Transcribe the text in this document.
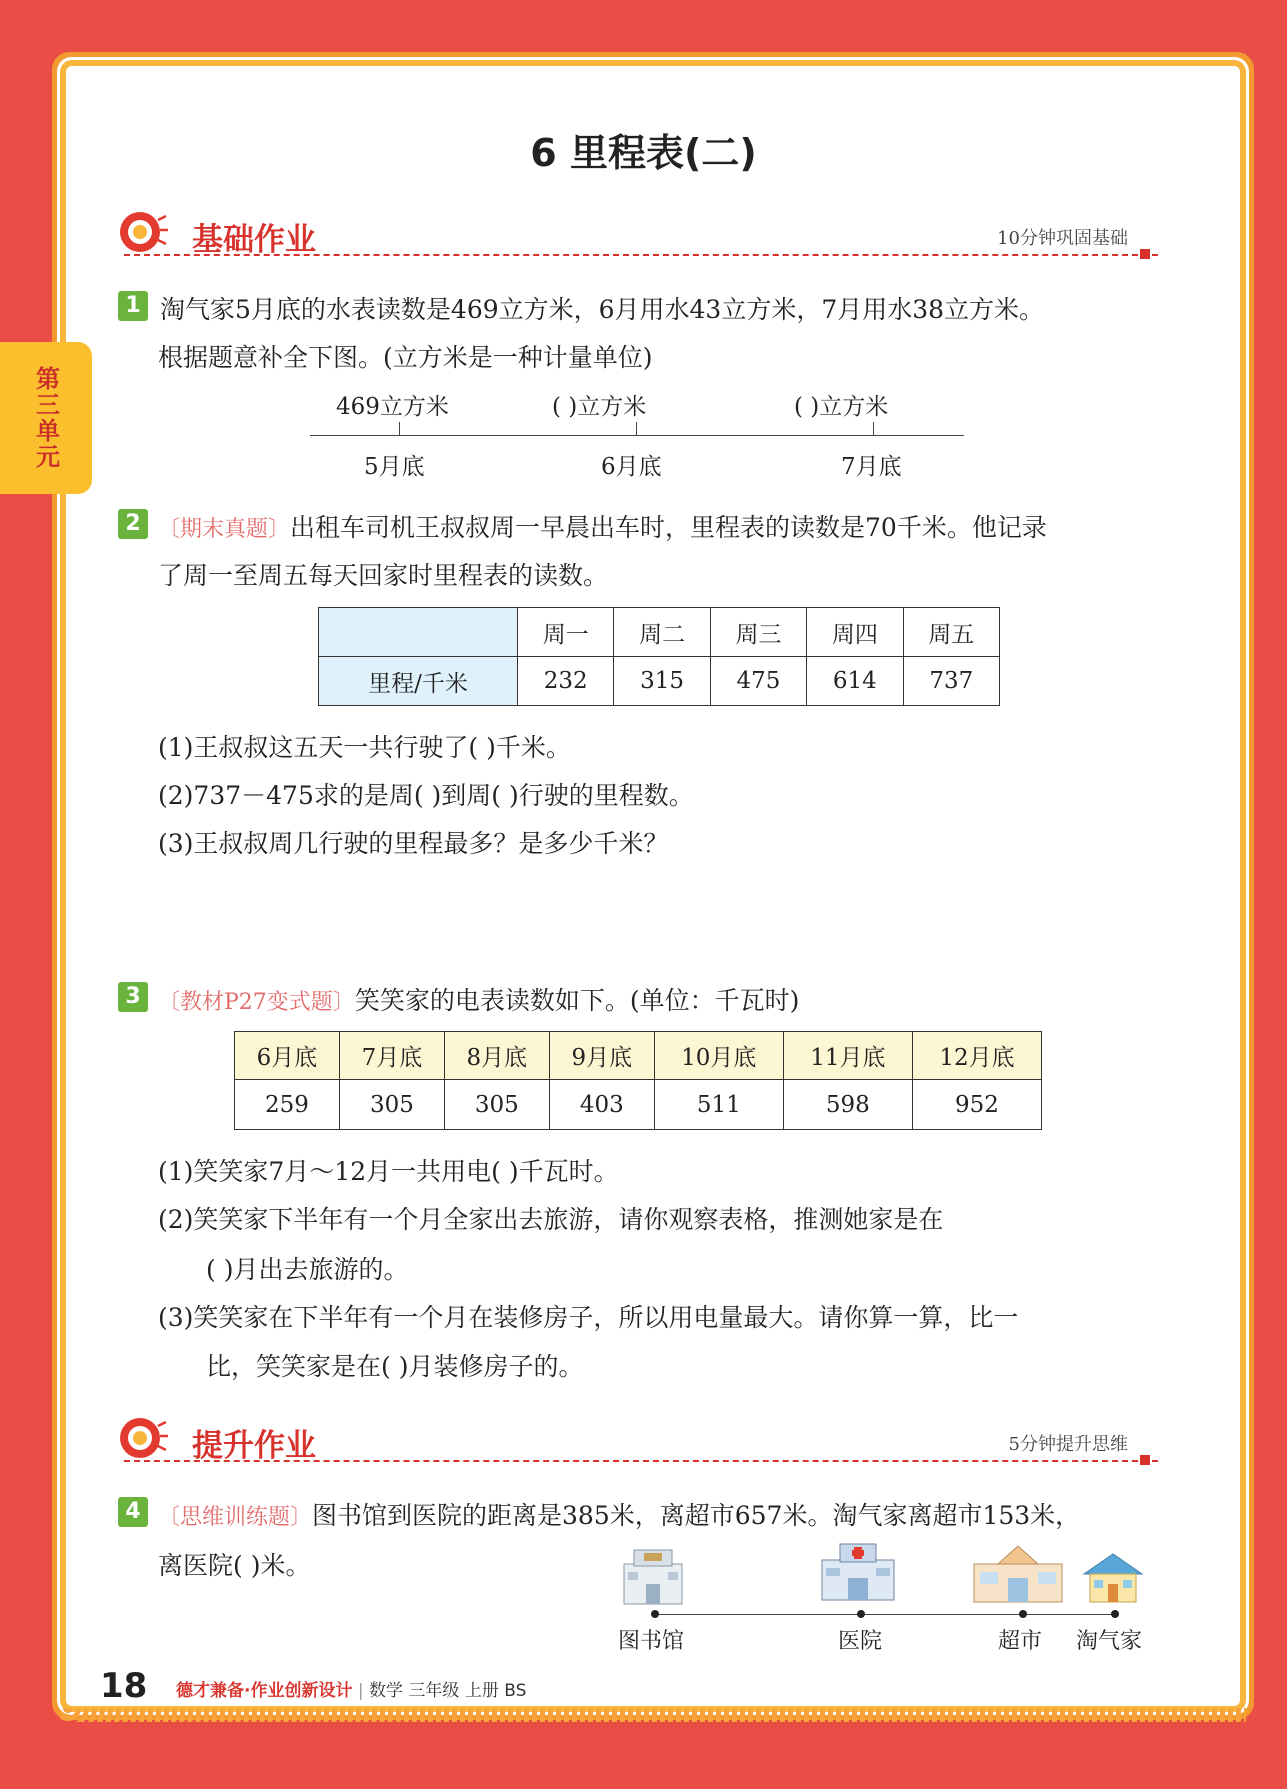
第三单元
6 里程表(二)
基础作业	10分钟巩固基础
1 淘气家5月底的水表读数是469立方米，6月用水43立方米，7月用水38立方米。
根据题意补全下图。(立方米是一种计量单位)
469立方米	( )立方米	( )立方米
5月底	6月底	7月底
2 〔期末真题〕出租车司机王叔叔周一早晨出车时，里程表的读数是70千米。他记录
了周一至周五每天回家时里程表的读数。
	周一	周二	周三	周四	周五
里程/千米	232	315	475	614	737
(1)王叔叔这五天一共行驶了( )千米。
(2)737－475求的是周( )到周( )行驶的里程数。
(3)王叔叔周几行驶的里程最多？是多少千米？
3 〔教材P27变式题〕笑笑家的电表读数如下。(单位：千瓦时)
6月底	7月底	8月底	9月底	10月底	11月底	12月底
259	305	305	403	511	598	952
(1)笑笑家7月～12月一共用电( )千瓦时。
(2)笑笑家下半年有一个月全家出去旅游，请你观察表格，推测她家是在
( )月出去旅游的。
(3)笑笑家在下半年有一个月在装修房子，所以用电量最大。请你算一算，比一
比，笑笑家是在( )月装修房子的。
提升作业	5分钟提升思维
4 〔思维训练题〕图书馆到医院的距离是385米，离超市657米。淘气家离超市153米，
离医院( )米。
图书馆	医院	超市 淘气家
18 德才兼备·作业创新设计 | 数学 三年级 上册 BS
